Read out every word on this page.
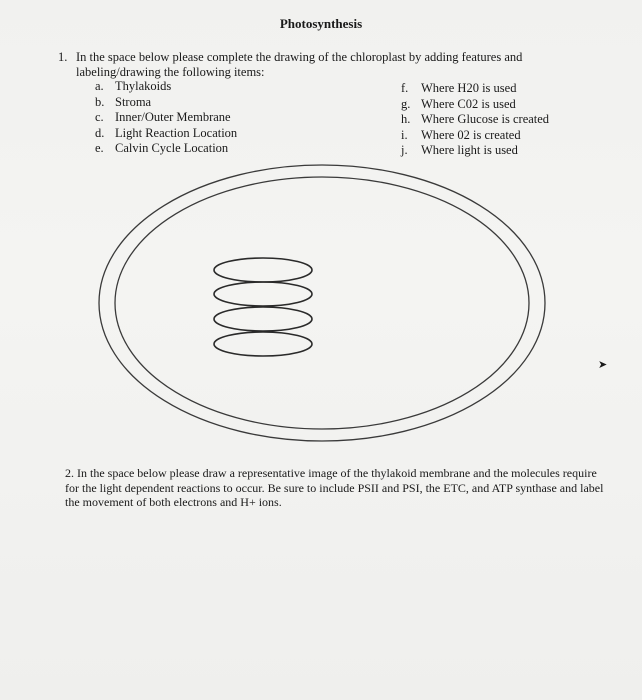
Photosynthesis
1. In the space below please complete the drawing of the chloroplast by adding features and labeling/drawing the following items:
a. Thylakoids
b. Stroma
c. Inner/Outer Membrane
d. Light Reaction Location
e. Calvin Cycle Location
f.	Where H20 is used
g. Where C02 is used
h. Where Glucose is created
i.	Where 02 is created
j.	Where light is used
➤
2. In the space below please draw a representative image of the thylakoid membrane and the molecules require for the light dependent reactions to occur. Be sure to include PSII and PSI, the ETC, and ATP synthase and label the movement of both electrons and H+ ions.
